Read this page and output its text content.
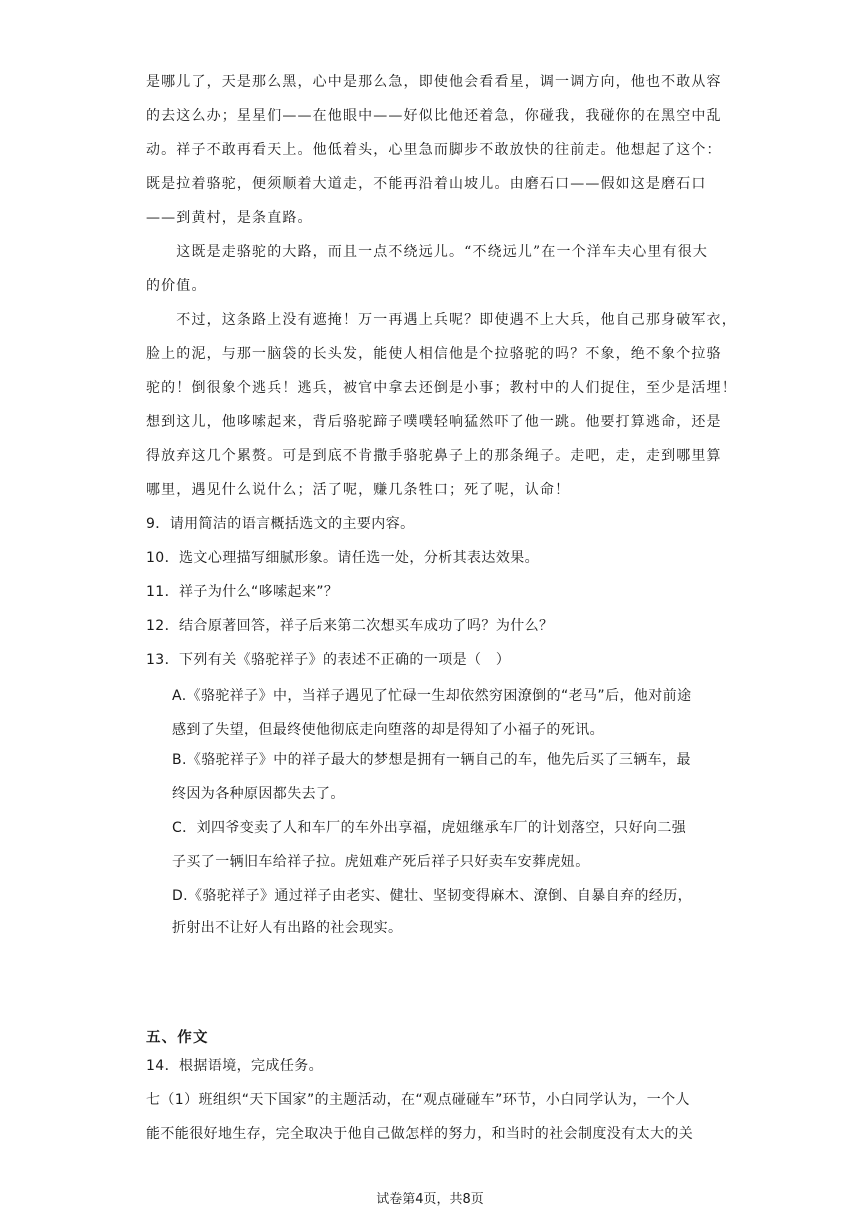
是哪儿了，天是那么黑，心中是那么急，即使他会看看星，调一调方向，他也不敢从容
的去这么办；星星们——在他眼中——好似比他还着急，你碰我，我碰你的在黑空中乱
动。祥子不敢再看天上。他低着头，心里急而脚步不敢放快的往前走。他想起了这个：
既是拉着骆驼，便须顺着大道走，不能再沿着山坡儿。由磨石口——假如这是磨石口
——到黄村，是条直路。
　　这既是走骆驼的大路，而且一点不绕远儿。“不绕远儿”在一个洋车夫心里有很大
的价值。
　　不过，这条路上没有遮掩！万一再遇上兵呢？即使遇不上大兵，他自己那身破军衣，
脸上的泥，与那一脑袋的长头发，能使人相信他是个拉骆驼的吗？不象，绝不象个拉骆
驼的！倒很象个逃兵！逃兵，被官中拿去还倒是小事；教村中的人们捉住，至少是活埋！
想到这儿，他哆嗦起来，背后骆驼蹄子噗噗轻响猛然吓了他一跳。他要打算逃命，还是
得放弃这几个累赘。可是到底不肯撒手骆驼鼻子上的那条绳子。走吧，走，走到哪里算
哪里，遇见什么说什么；活了呢，赚几条牲口；死了呢，认命！
9．请用简洁的语言概括选文的主要内容。
10．选文心理描写细腻形象。请任选一处，分析其表达效果。
11．祥子为什么“哆嗦起来”？
12．结合原著回答，祥子后来第二次想买车成功了吗？为什么？
13．下列有关《骆驼祥子》的表述不正确的一项是（　）
A.《骆驼祥子》中，当祥子遇见了忙碌一生却依然穷困潦倒的“老马”后，他对前途
感到了失望，但最终使他彻底走向堕落的却是得知了小福子的死讯。
B.《骆驼祥子》中的祥子最大的梦想是拥有一辆自己的车，他先后买了三辆车，最
终因为各种原因都失去了。
C．刘四爷变卖了人和车厂的车外出享福，虎妞继承车厂的计划落空，只好向二强
子买了一辆旧车给祥子拉。虎妞难产死后祥子只好卖车安葬虎妞。
D.《骆驼祥子》通过祥子由老实、健壮、坚韧变得麻木、潦倒、自暴自弃的经历，
折射出不让好人有出路的社会现实。
五、作文
14．根据语境，完成任务。
七（1）班组织“天下国家”的主题活动，在“观点碰碰车”环节，小白同学认为，一个人
能不能很好地生存，完全取决于他自己做怎样的努力，和当时的社会制度没有太大的关
试卷第4页，共8页
